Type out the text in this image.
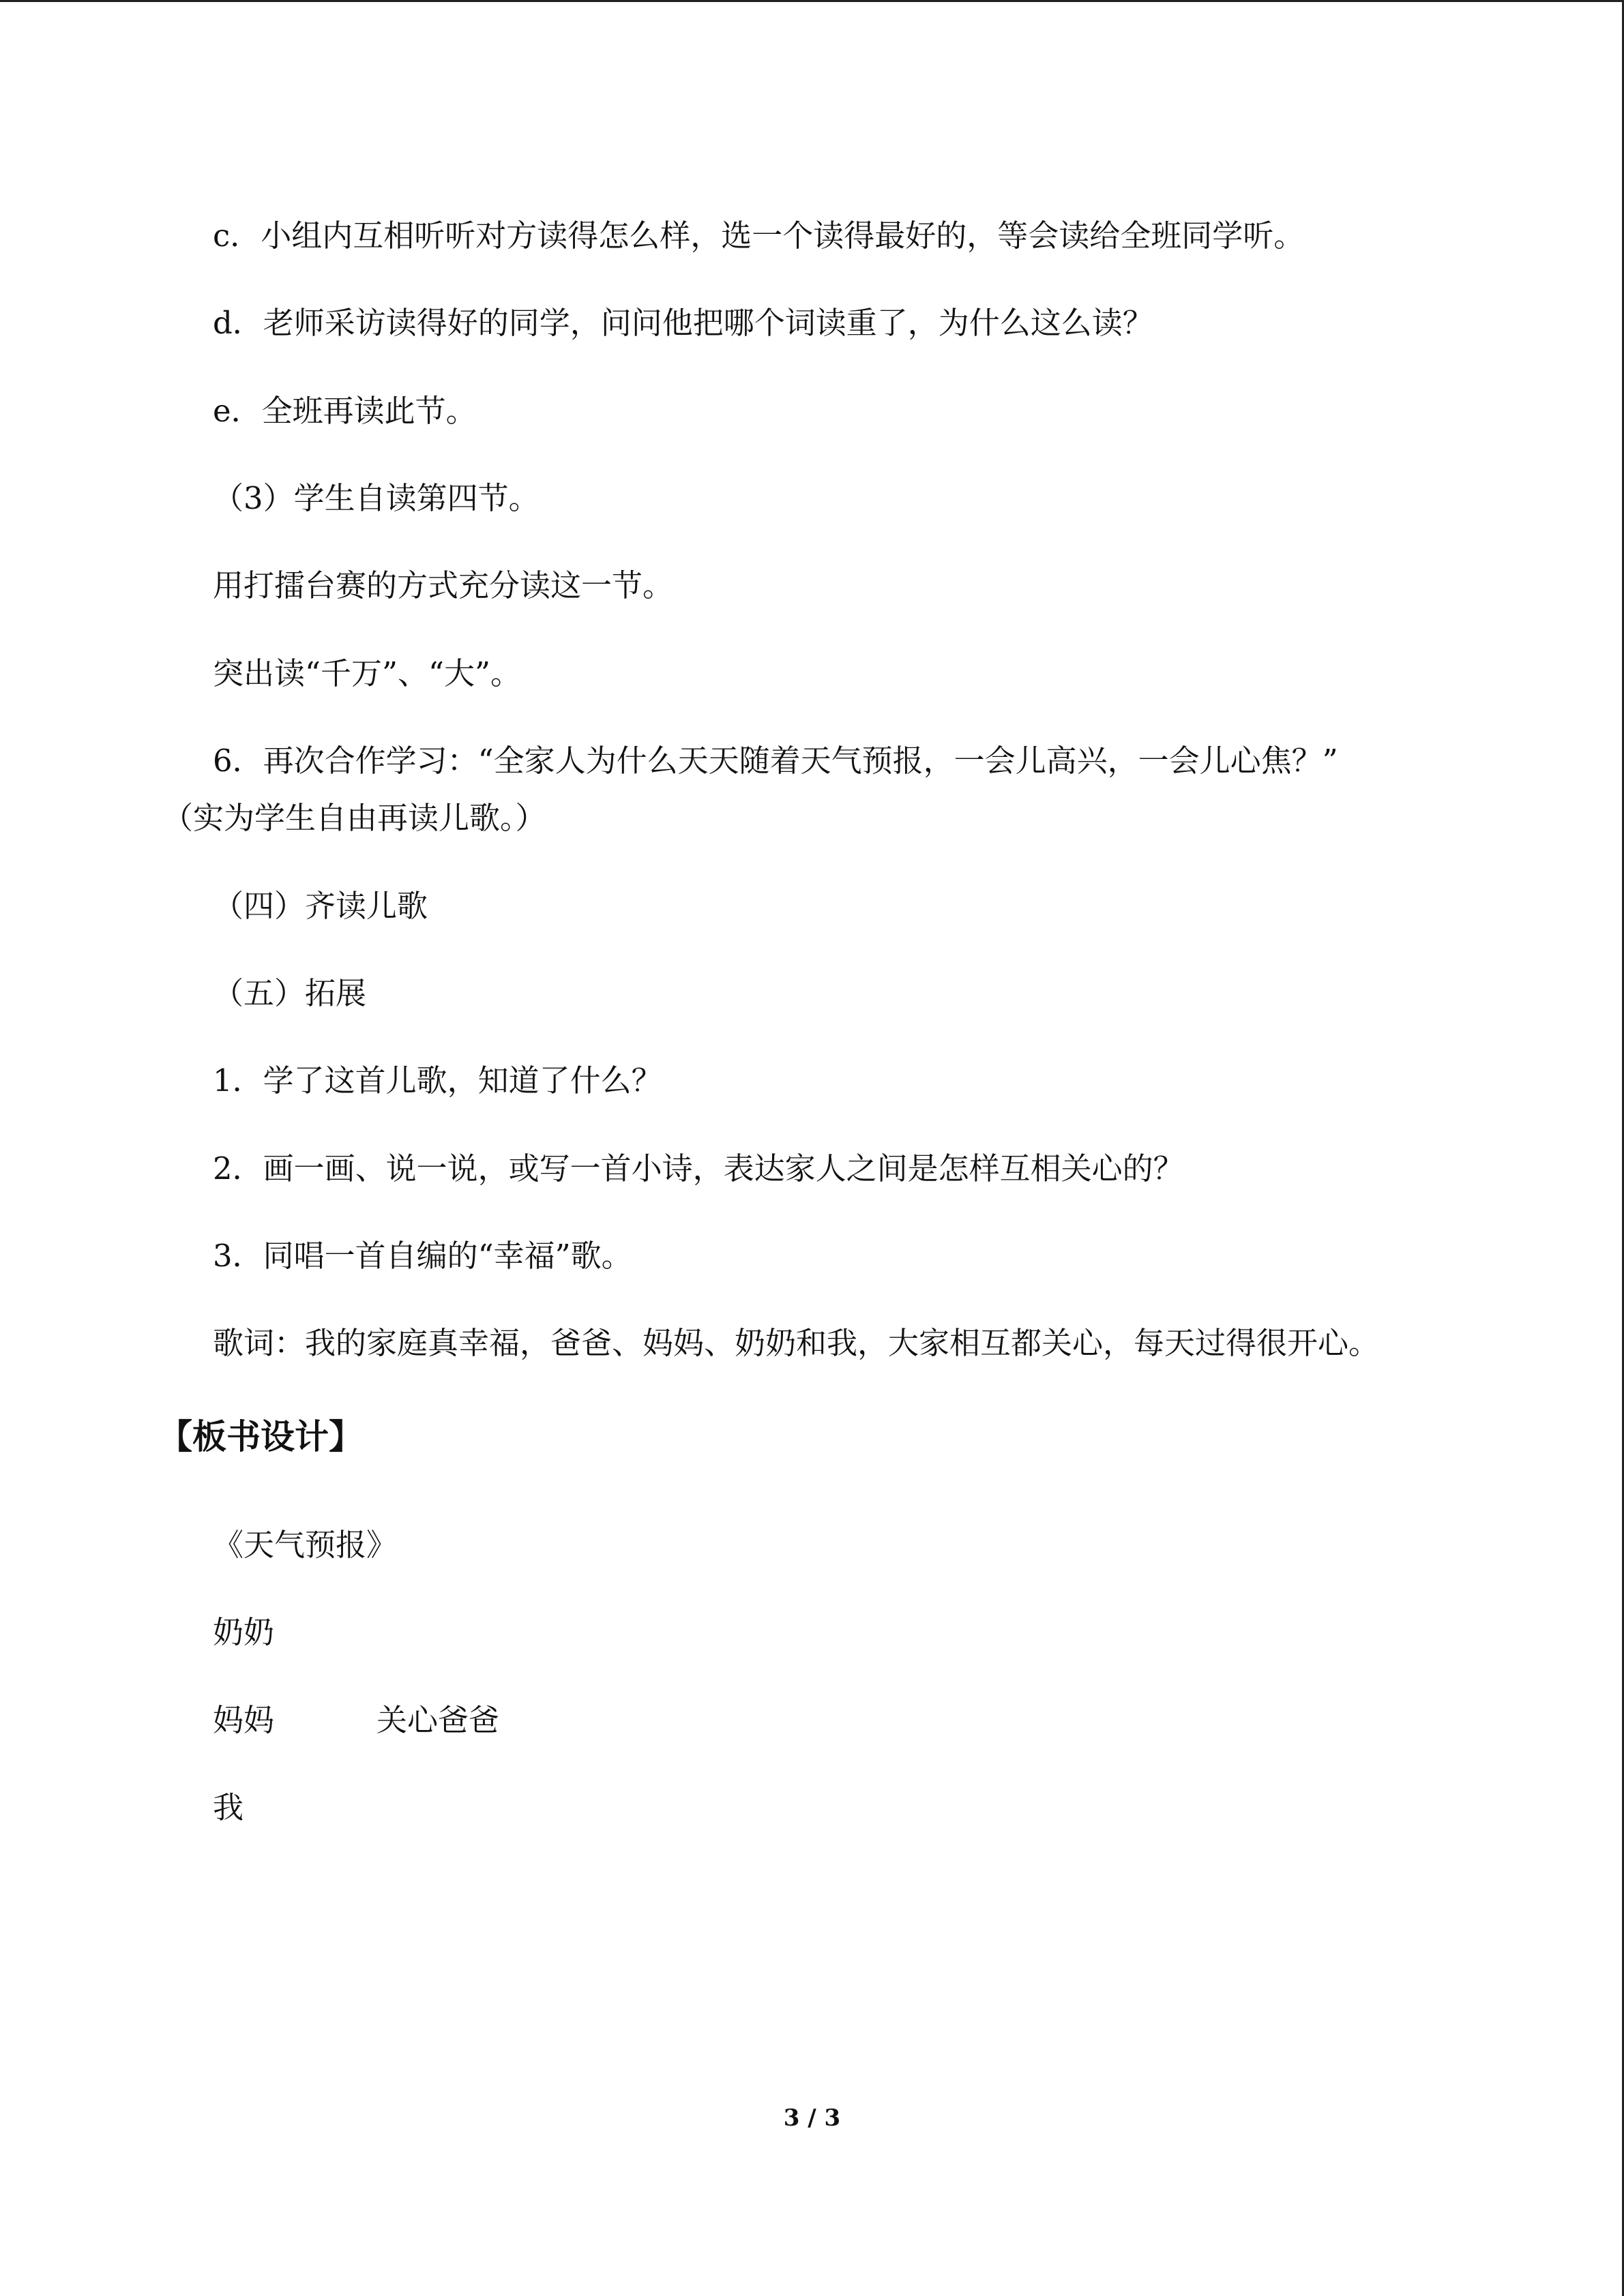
c．小组内互相听听对方读得怎么样，选一个读得最好的，等会读给全班同学听。
d．老师采访读得好的同学，问问他把哪个词读重了，为什么这么读？
e．全班再读此节。
（3）学生自读第四节。
用打擂台赛的方式充分读这一节。
突出读“千万”、“大”。
6．再次合作学习：“全家人为什么天天随着天气预报，一会儿高兴，一会儿心焦？”
（实为学生自由再读儿歌。）
（四）齐读儿歌
（五）拓展
1．学了这首儿歌，知道了什么？
2．画一画、说一说，或写一首小诗，表达家人之间是怎样互相关心的？
3．同唱一首自编的“幸福”歌。
歌词：我的家庭真幸福，爸爸、妈妈、奶奶和我，大家相互都关心，每天过得很开心。
【板书设计】
《天气预报》
奶奶
妈妈	关心爸爸
我
3 / 3
